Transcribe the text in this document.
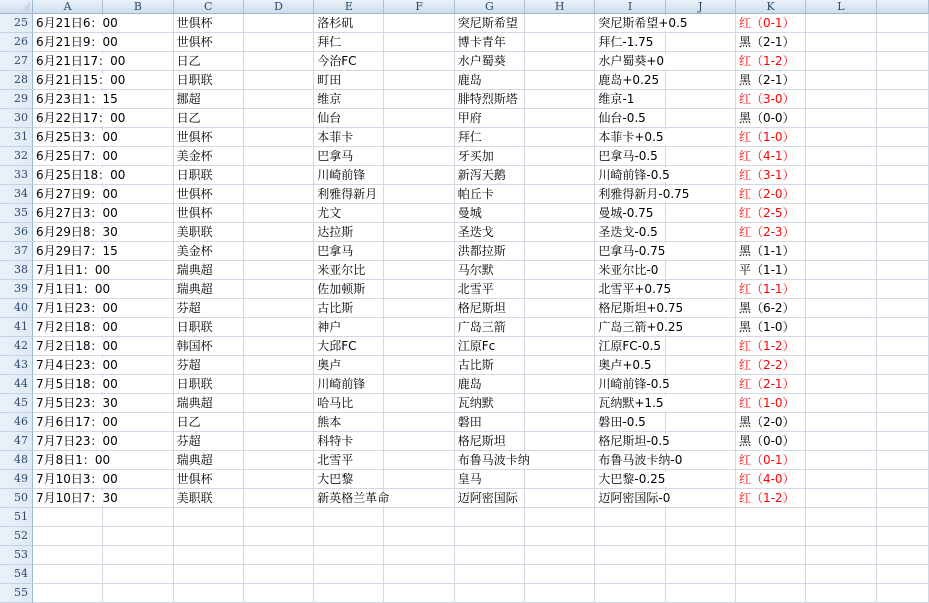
	A	B	C	D	E	F	G	H	I	J	K	L	
25	6月21日6：00		世俱杯		洛杉矶		突尼斯希望		突尼斯希望+0.5		红（0-1）		
26	6月21日9：00		世俱杯		拜仁		博卡青年		拜仁-1.75		黑（2-1）		
27	6月21日17：00		日乙		今治FC		水户蜀葵		水户蜀葵+0		红（1-2）		
28	6月21日15：00		日职联		町田		鹿岛		鹿岛+0.25		黑（2-1）		
29	6月23日1：15		挪超		维京		腓特烈斯塔		维京-1		红（3-0）		
30	6月22日17：00		日乙		仙台		甲府		仙台-0.5		黑（0-0）		
31	6月25日3：00		世俱杯		本菲卡		拜仁		本菲卡+0.5		红（1-0）		
32	6月25日7：00		美金杯		巴拿马		牙买加		巴拿马-0.5		红（4-1）		
33	6月25日18：00		日职联		川崎前锋		新泻天鹅		川崎前锋-0.5		红（3-1）		
34	6月27日9：00		世俱杯		利雅得新月		帕丘卡		利雅得新月-0.75		红（2-0）		
35	6月27日3：00		世俱杯		尤文		曼城		曼城-0.75		红（2-5）		
36	6月29日8：30		美职联		达拉斯		圣迭戈		圣迭戈-0.5		红（2-3）		
37	6月29日7：15		美金杯		巴拿马		洪都拉斯		巴拿马-0.75		黑（1-1）		
38	7月1日1：00		瑞典超		米亚尔比		马尔默		米亚尔比-0		平（1-1）		
39	7月1日1：00		瑞典超		佐加顿斯		北雪平		北雪平+0.75		红（1-1）		
40	7月1日23：00		芬超		古比斯		格尼斯坦		格尼斯坦+0.75		黑（6-2）		
41	7月2日18：00		日职联		神户		广岛三箭		广岛三箭+0.25		黑（1-0）		
42	7月2日18：00		韩国杯		大邱FC		江原Fc		江原FC-0.5		红（1-2）		
43	7月4日23：00		芬超		奥卢		古比斯		奥卢+0.5		红（2-2）		
44	7月5日18：00		日职联		川崎前锋		鹿岛		川崎前锋-0.5		红（2-1）		
45	7月5日23：30		瑞典超		哈马比		瓦纳默		瓦纳默+1.5		红（1-0）		
46	7月6日17：00		日乙		熊本		磐田		磐田-0.5		黑（2-0）		
47	7月7日23：00		芬超		科特卡		格尼斯坦		格尼斯坦-0.5		黑（0-0）		
48	7月8日1：00		瑞典超		北雪平		布鲁马波卡纳		布鲁马波卡纳-0		红（0-1）		
49	7月10日3：00		世俱杯		大巴黎		皇马		大巴黎-0.25		红（4-0）		
50	7月10日7：30		美职联		新英格兰革命		迈阿密国际		迈阿密国际-0		红（1-2）		
51													
52													
53													
54													
55													
